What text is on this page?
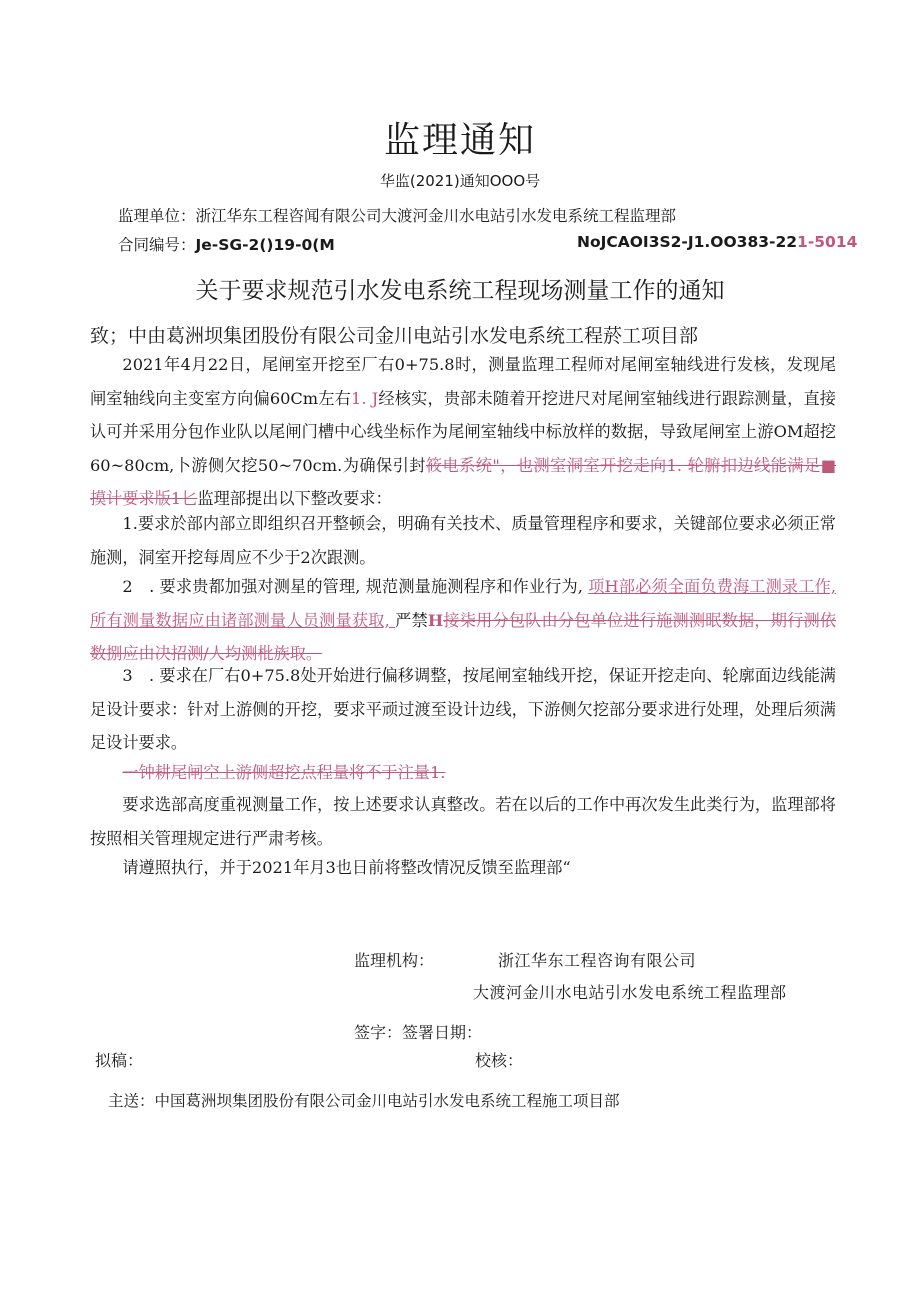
监理通知
华监(2021)通知OOO号
监理单位：浙江华东工程咨闻有限公司大渡河金川水电站引水发电系统工程监理部
合同编号：Je-SG-2()19-0(M	NoJCAOI3S2-J1.OO383-221-5014
关于要求规范引水发电系统工程现场测量工作的通知
致；中由葛洲坝集团股份有限公司金川电站引水发电系统工程菸工项目部
2021年4月22日，尾闸室开挖至厂右0+75.8时，测量监理工程师对尾闸室轴线进行发核，发现尾闸室轴线向主变室方向偏60Cm左右1. J经核实，贵部未随着开挖进尺对尾闸室轴线进行跟踪测量，直接认可并采用分包作业队以尾闸门槽中心线坐标作为尾闸室轴线中标放样的数据，导致尾闸室上游OM超挖60~80cm,卜游侧欠挖50~70cm.为确保引封筱电系统"，也测室洞室开挖走向1. 轮腑扣边线能满足■摸计要求版1匕监理部提出以下整改要求：
1.要求於部内部立即组织召开整顿会，明确有关技术、质量管理程序和要求，关键部位要求必须正常施测，洞室开挖每周应不少于2次跟测。
2　. 要求贵都加强对测星的管理, 规范测量施测程序和作业行为, 项H部必须全面负费海工测录工作, 所有测量数据应由诸部测量人员测量获取, 严禁H接柒用分包队由分包单位进行施测测眠数据，期行测依数捌应由决招测/人均测枇族取。
3　. 要求在厂右0+75.8处开始进行偏移调整，按尾闸室轴线开挖，保证开挖走向、轮廓面边线能满足设计要求：针对上游侧的开挖，要求平顽过渡至设计边线，下游侧欠挖部分要求进行处理，处理后须满足设计要求。
一钟耕尾闸空上游侧超挖点程量将不于注量1.
要求选部高度重视测量工作，按上述要求认真整改。若在以后的工作中再次发生此类行为，监理部将按照相关管理规定进行严肃考核。
请遵照执行，并于2021年月3也日前将整改情况反馈至监理部“
监理机构：	浙江华东工程咨询有限公司
大渡河金川水电站引水发电系统工程监理部
签字：签署日期：
拟稿：	校核：
主送：中国葛洲坝集团股份有限公司金川电站引水发电系统工程施工项目部
